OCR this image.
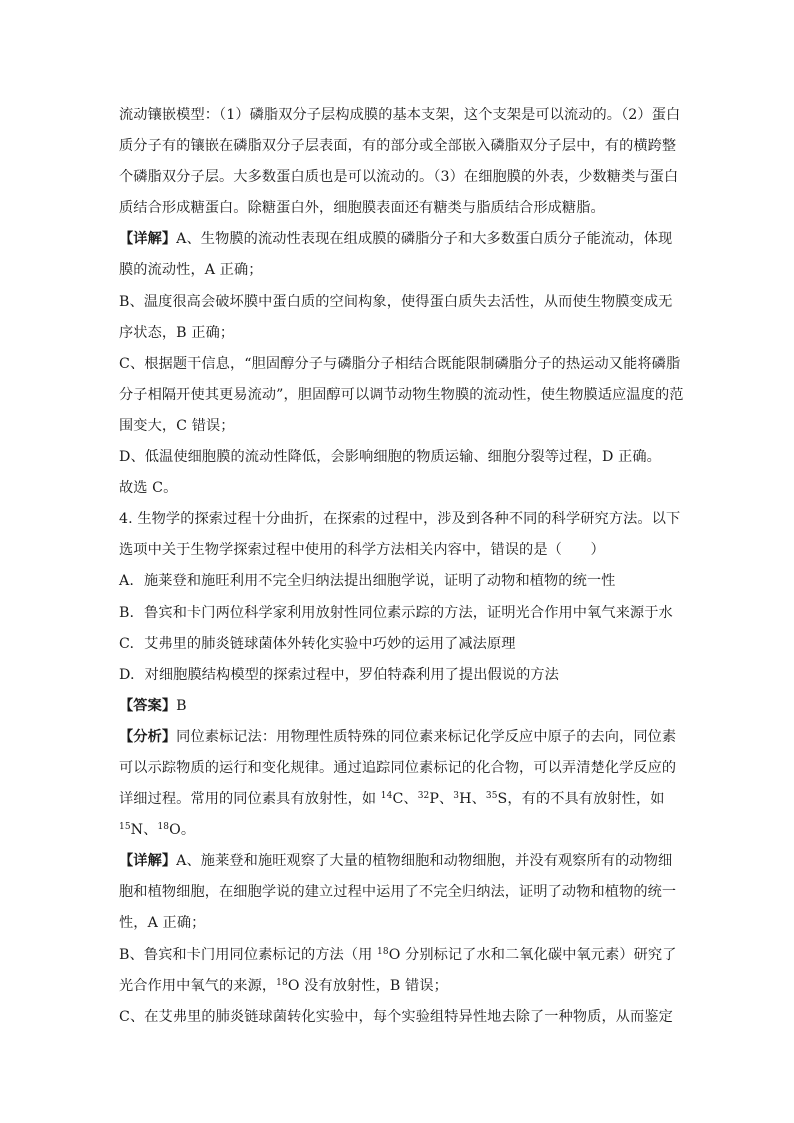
流动镶嵌模型：（1）磷脂双分子层构成膜的基本支架，这个支架是可以流动的。（2）蛋白
质分子有的镶嵌在磷脂双分子层表面，有的部分或全部嵌入磷脂双分子层中，有的横跨整
个磷脂双分子层。大多数蛋白质也是可以流动的。（3）在细胞膜的外表，少数糖类与蛋白
质结合形成糖蛋白。除糖蛋白外，细胞膜表面还有糖类与脂质结合形成糖脂。
【详解】A、生物膜的流动性表现在组成膜的磷脂分子和大多数蛋白质分子能流动，体现
膜的流动性，A 正确；
B、温度很高会破坏膜中蛋白质的空间构象，使得蛋白质失去活性，从而使生物膜变成无
序状态，B 正确；
C、根据题干信息，“胆固醇分子与磷脂分子相结合既能限制磷脂分子的热运动又能将磷脂
分子相隔开使其更易流动”，胆固醇可以调节动物生物膜的流动性，使生物膜适应温度的范
围变大，C 错误；
D、低温使细胞膜的流动性降低，会影响细胞的物质运输、细胞分裂等过程，D 正确。
故选 C。
4. 生物学的探索过程十分曲折，在探索的过程中，涉及到各种不同的科学研究方法。以下
选项中关于生物学探索过程中使用的科学方法相关内容中，错误的是（　　）
A. 施莱登和施旺利用不完全归纳法提出细胞学说，证明了动物和植物的统一性
B. 鲁宾和卡门两位科学家利用放射性同位素示踪的方法，证明光合作用中氧气来源于水
C. 艾弗里的肺炎链球菌体外转化实验中巧妙的运用了减法原理
D. 对细胞膜结构模型的探索过程中，罗伯特森利用了提出假说的方法
【答案】B
【分析】同位素标记法：用物理性质特殊的同位素来标记化学反应中原子的去向，同位素
可以示踪物质的运行和变化规律。通过追踪同位素标记的化合物，可以弄清楚化学反应的
详细过程。常用的同位素具有放射性，如 $^{14}$C、$^{32}$P、$^3$H、$^{35}$S，有的不具有放射性，如
$^{15}$N、$^{18}$O。
【详解】A、施莱登和施旺观察了大量的植物细胞和动物细胞，并没有观察所有的动物细
胞和植物细胞，在细胞学说的建立过程中运用了不完全归纳法，证明了动物和植物的统一
性，A 正确；
B、鲁宾和卡门用同位素标记的方法（用 $^{18}$O 分别标记了水和二氧化碳中氧元素）研究了
光合作用中氧气的来源，$^{18}$O 没有放射性，B 错误；
C、在艾弗里的肺炎链球菌转化实验中，每个实验组特异性地去除了一种物质，从而鉴定
